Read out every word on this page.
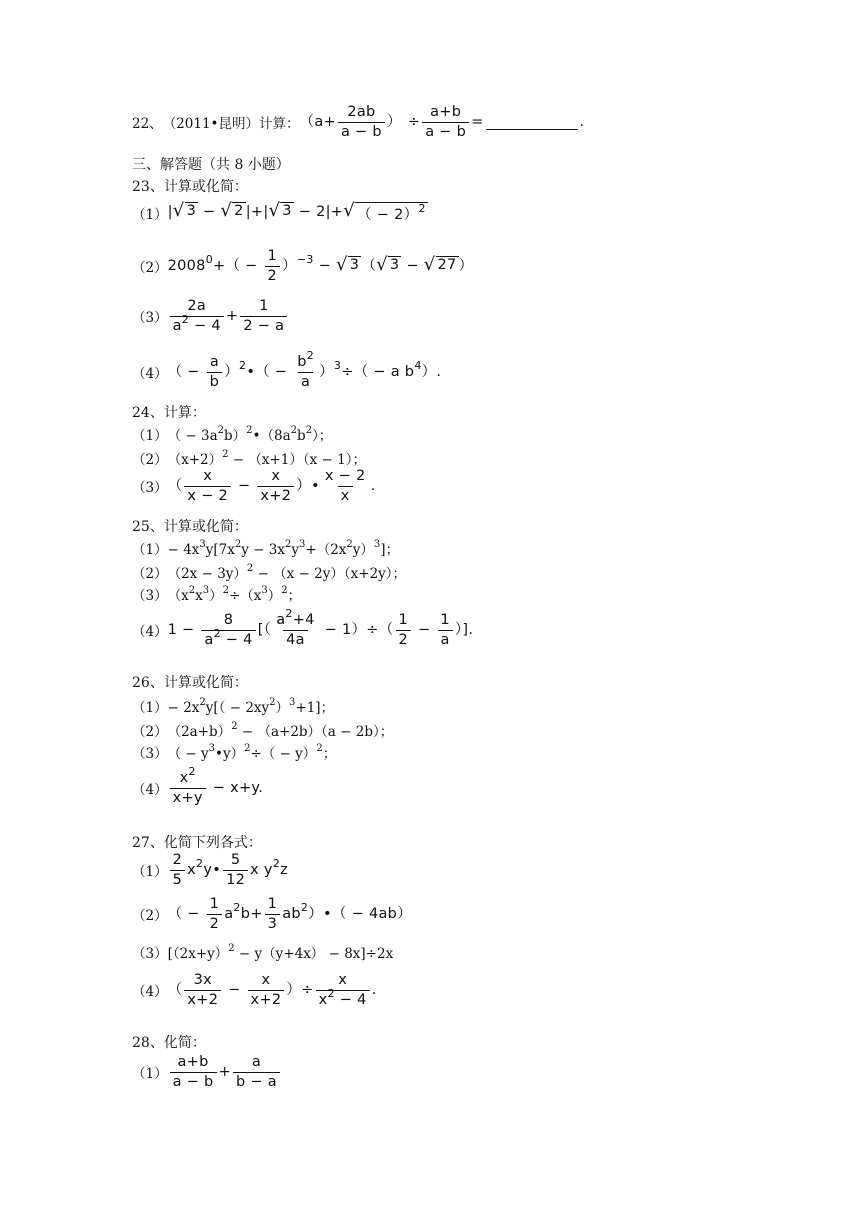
22、 （2011•昆明）计算： （$a+ \frac{2ab}{a - b}$ ） ÷ $\frac{a+b}{a - b}$ =	.
三、解答题（共 8 小题）
23、计算或化简：
（1） | √ 3 − √ 2 |+| √ 3 − 2|+ √ （ − 2）$^2$
（2） $2008^0+( - \frac{1}{2} )^{-3}$ − √ 3 （ √ 3 − √ 27 ）
$(3) \frac{2a}{a^2 - 4} + \frac{1}{2 - a}$
（4） （ − $\frac{a}{b}$ ）$^2$•（ − $\frac{b^2}{a} )^3\div( - a$ $b^4$）.
24、计算：
（1） （ − $3a^2b)^2•(8a^2b^2)$；
（2） $(x+2)^2 - (x+1)(x - 1)$；
（3） （ $\frac{x}{x - 2} - \frac{x}{x+2}$ ）• $\frac{x - 2}{x}$ .
25、计算或化简：
$(1) - 4x^3y[7x^2y - 3x^2y^3+(2x^2y)^3]$；
（2） $(2x - 3y)^2 - (x - 2y)(x+2y)$；
（3） $(x^2x^3)^2\div(x^3)^2$；
（4） $1 - \frac{8}{a^2 - 4}$ [（ $\frac{a^2+4}{4a} - 1)\div( \frac{1}{2} - \frac{1}{a}$ ）].
26、计算或化简：
$(1) - 2x^2y[( - 2xy^2)^3+1]$；
（2） $(2a+b)^2 - (a+2b)(a - 2b)$；
（3） （ − $y^3•y)^2\div( - y)^2$；
$(4) \frac{x^2}{x+y} - x+y$.
27、化简下列各式：
$(1) \frac{2}{5}$ $x^2y• \frac{5}{12}$ x $y^2z$
（2） （ − $\frac{1}{2} a^2b+ \frac{1}{3}$ $ab^2)•( - 4ab)$
（3） $[(2x+y)^2 - y(y+4x) - 8x]\div 2x$
（4） （ $\frac{3x}{x+2} - \frac{x}{x+2}$ ）÷ $\frac{x}{x^2 - 4}$ .
28、化简：
$(1) \frac{a+b}{a - b} + \frac{a}{b - a}$
